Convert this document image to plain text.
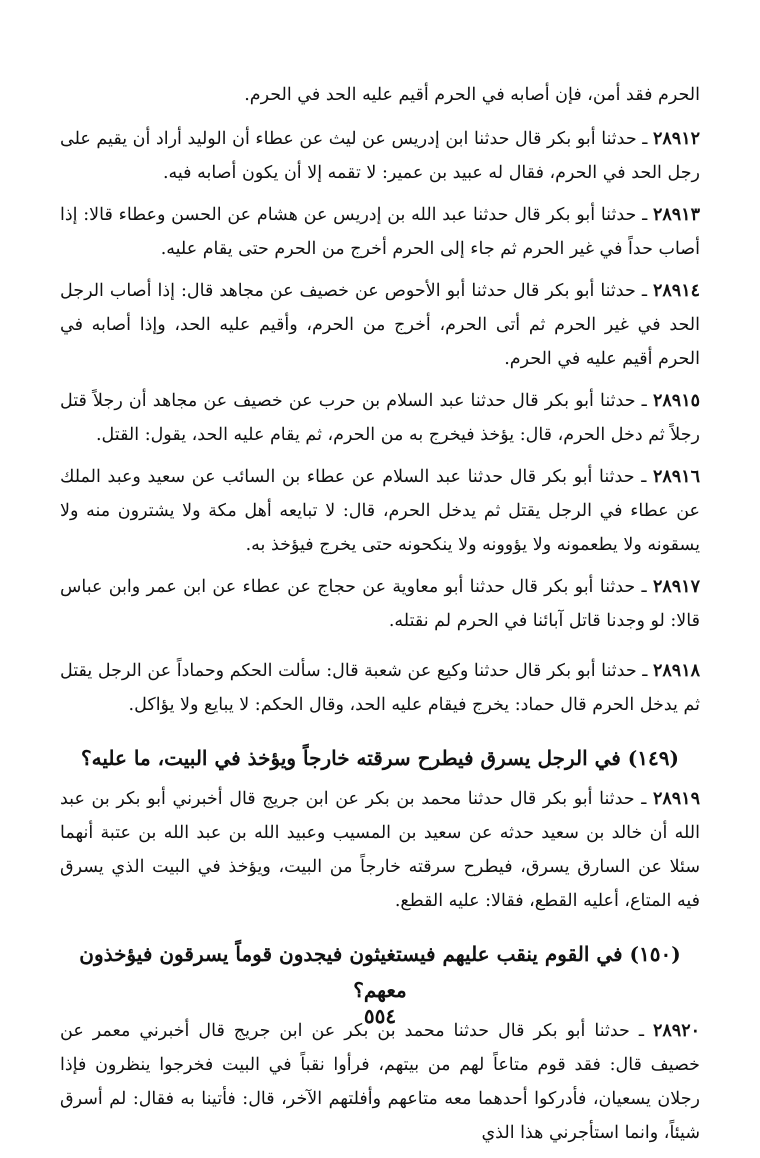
الحرم فقد أمن، فإن أصابه في الحرم أقيم عليه الحد في الحرم.

٢٨٩١٢ ـ حدثنا أبو بكر قال حدثنا ابن إدريس عن ليث عن عطاء أن الوليد أراد أن يقيم على رجل الحد في الحرم، فقال له عبيد بن عمير: لا تقمه إلا أن يكون أصابه فيه.

٢٨٩١٣ ـ حدثنا أبو بكر قال حدثنا عبد الله بن إدريس عن هشام عن الحسن وعطاء قالا: إذا أصاب حداً في غير الحرم ثم جاء إلى الحرم أخرج من الحرم حتى يقام عليه.

٢٨٩١٤ ـ حدثنا أبو بكر قال حدثنا أبو الأحوص عن خصيف عن مجاهد قال: إذا أصاب الرجل الحد في غير الحرم ثم أتى الحرم، أخرج من الحرم، وأقيم عليه الحد، وإذا أصابه في الحرم أقيم عليه في الحرم.

٢٨٩١٥ ـ حدثنا أبو بكر قال حدثنا عبد السلام بن حرب عن خصيف عن مجاهد أن رجلاً قتل رجلاً ثم دخل الحرم، قال: يؤخذ فيخرج به من الحرم، ثم يقام عليه الحد، يقول: القتل.

٢٨٩١٦ ـ حدثنا أبو بكر قال حدثنا عبد السلام عن عطاء بن السائب عن سعيد وعبد الملك عن عطاء في الرجل يقتل ثم يدخل الحرم، قال: لا تبايعه أهل مكة ولا يشترون منه ولا يسقونه ولا يطعمونه ولا يؤوونه ولا ينكحونه حتى يخرج فيؤخذ به.

٢٨٩١٧ ـ حدثنا أبو بكر قال حدثنا أبو معاوية عن حجاج عن عطاء عن ابن عمر وابن عباس قالا: لو وجدنا قاتل آبائنا في الحرم لم نقتله.

٢٨٩١٨ ـ حدثنا أبو بكر قال حدثنا وكيع عن شعبة قال: سألت الحكم وحماداً عن الرجل يقتل ثم يدخل الحرم قال حماد: يخرج فيقام عليه الحد، وقال الحكم: لا يبايع ولا يؤاكل.

(١٤٩) في الرجل يسرق فيطرح سرقته خارجاً ويؤخذ في البيت، ما عليه؟

٢٨٩١٩ ـ حدثنا أبو بكر قال حدثنا محمد بن بكر عن ابن جريج قال أخبرني أبو بكر بن عبد الله أن خالد بن سعيد حدثه عن سعيد بن المسيب وعبيد الله بن عبد الله بن عتبة أنهما سئلا عن السارق يسرق، فيطرح سرقته خارجاً من البيت، ويؤخذ في البيت الذي يسرق فيه المتاع، أعليه القطع، فقالا: عليه القطع.

(١٥٠) في القوم ينقب عليهم فيستغيثون فيجدون قوماً يسرقون فيؤخذون معهم؟

٢٨٩٢٠ ـ حدثنا أبو بكر قال حدثنا محمد بن بكر عن ابن جريج قال أخبرني معمر عن خصيف قال: فقد قوم متاعاً لهم من بيتهم، فرأوا نقباً في البيت فخرجوا ينظرون فإذا رجلان يسعيان، فأدركوا أحدهما معه متاعهم وأفلتهم الآخر، قال: فأتينا به فقال: لم أسرق شيئاً، وانما استأجرني هذا الذي

٥٥٤
